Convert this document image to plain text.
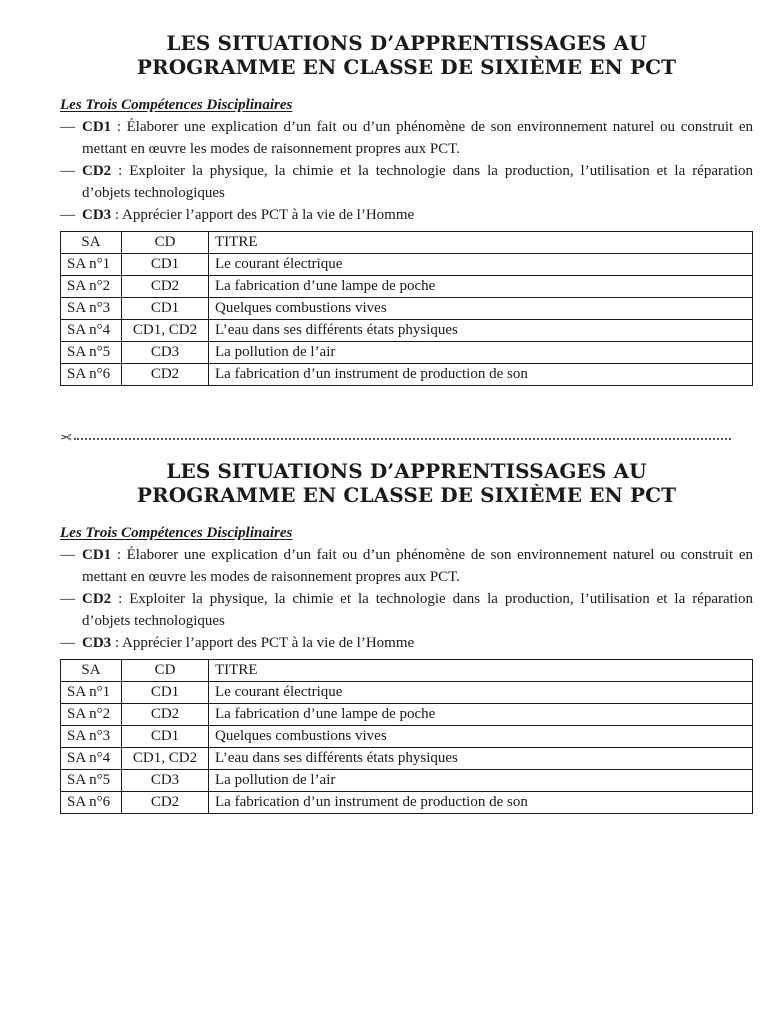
LES SITUATIONS D’APPRENTISSAGES AU
PROGRAMME EN CLASSE DE SIXIÈME EN PCT
Les Trois Compétences Disciplinaires
— CD1 : Élaborer une explication d’un fait ou d’un phénomène de son environnement naturel ou construit en mettant en œuvre les modes de raisonnement propres aux PCT.
— CD2 : Exploiter la physique, la chimie et la technologie dans la production, l’utilisation et la réparation d’objets technologiques
— CD3 : Apprécier l’apport des PCT à la vie de l’Homme
SA	CD	TITRE
SA n°1	CD1	Le courant électrique
SA n°2	CD2	La fabrication d’une lampe de poche
SA n°3	CD1	Quelques combustions vives
SA n°4	CD1, CD2	L’eau dans ses différents états physiques
SA n°5	CD3	La pollution de l’air
SA n°6	CD2	La fabrication d’un instrument de production de son
✂
LES SITUATIONS D’APPRENTISSAGES AU
PROGRAMME EN CLASSE DE SIXIÈME EN PCT
Les Trois Compétences Disciplinaires
— CD1 : Élaborer une explication d’un fait ou d’un phénomène de son environnement naturel ou construit en mettant en œuvre les modes de raisonnement propres aux PCT.
— CD2 : Exploiter la physique, la chimie et la technologie dans la production, l’utilisation et la réparation d’objets technologiques
— CD3 : Apprécier l’apport des PCT à la vie de l’Homme
SA	CD	TITRE
SA n°1	CD1	Le courant électrique
SA n°2	CD2	La fabrication d’une lampe de poche
SA n°3	CD1	Quelques combustions vives
SA n°4	CD1, CD2	L’eau dans ses différents états physiques
SA n°5	CD3	La pollution de l’air
SA n°6	CD2	La fabrication d’un instrument de production de son
